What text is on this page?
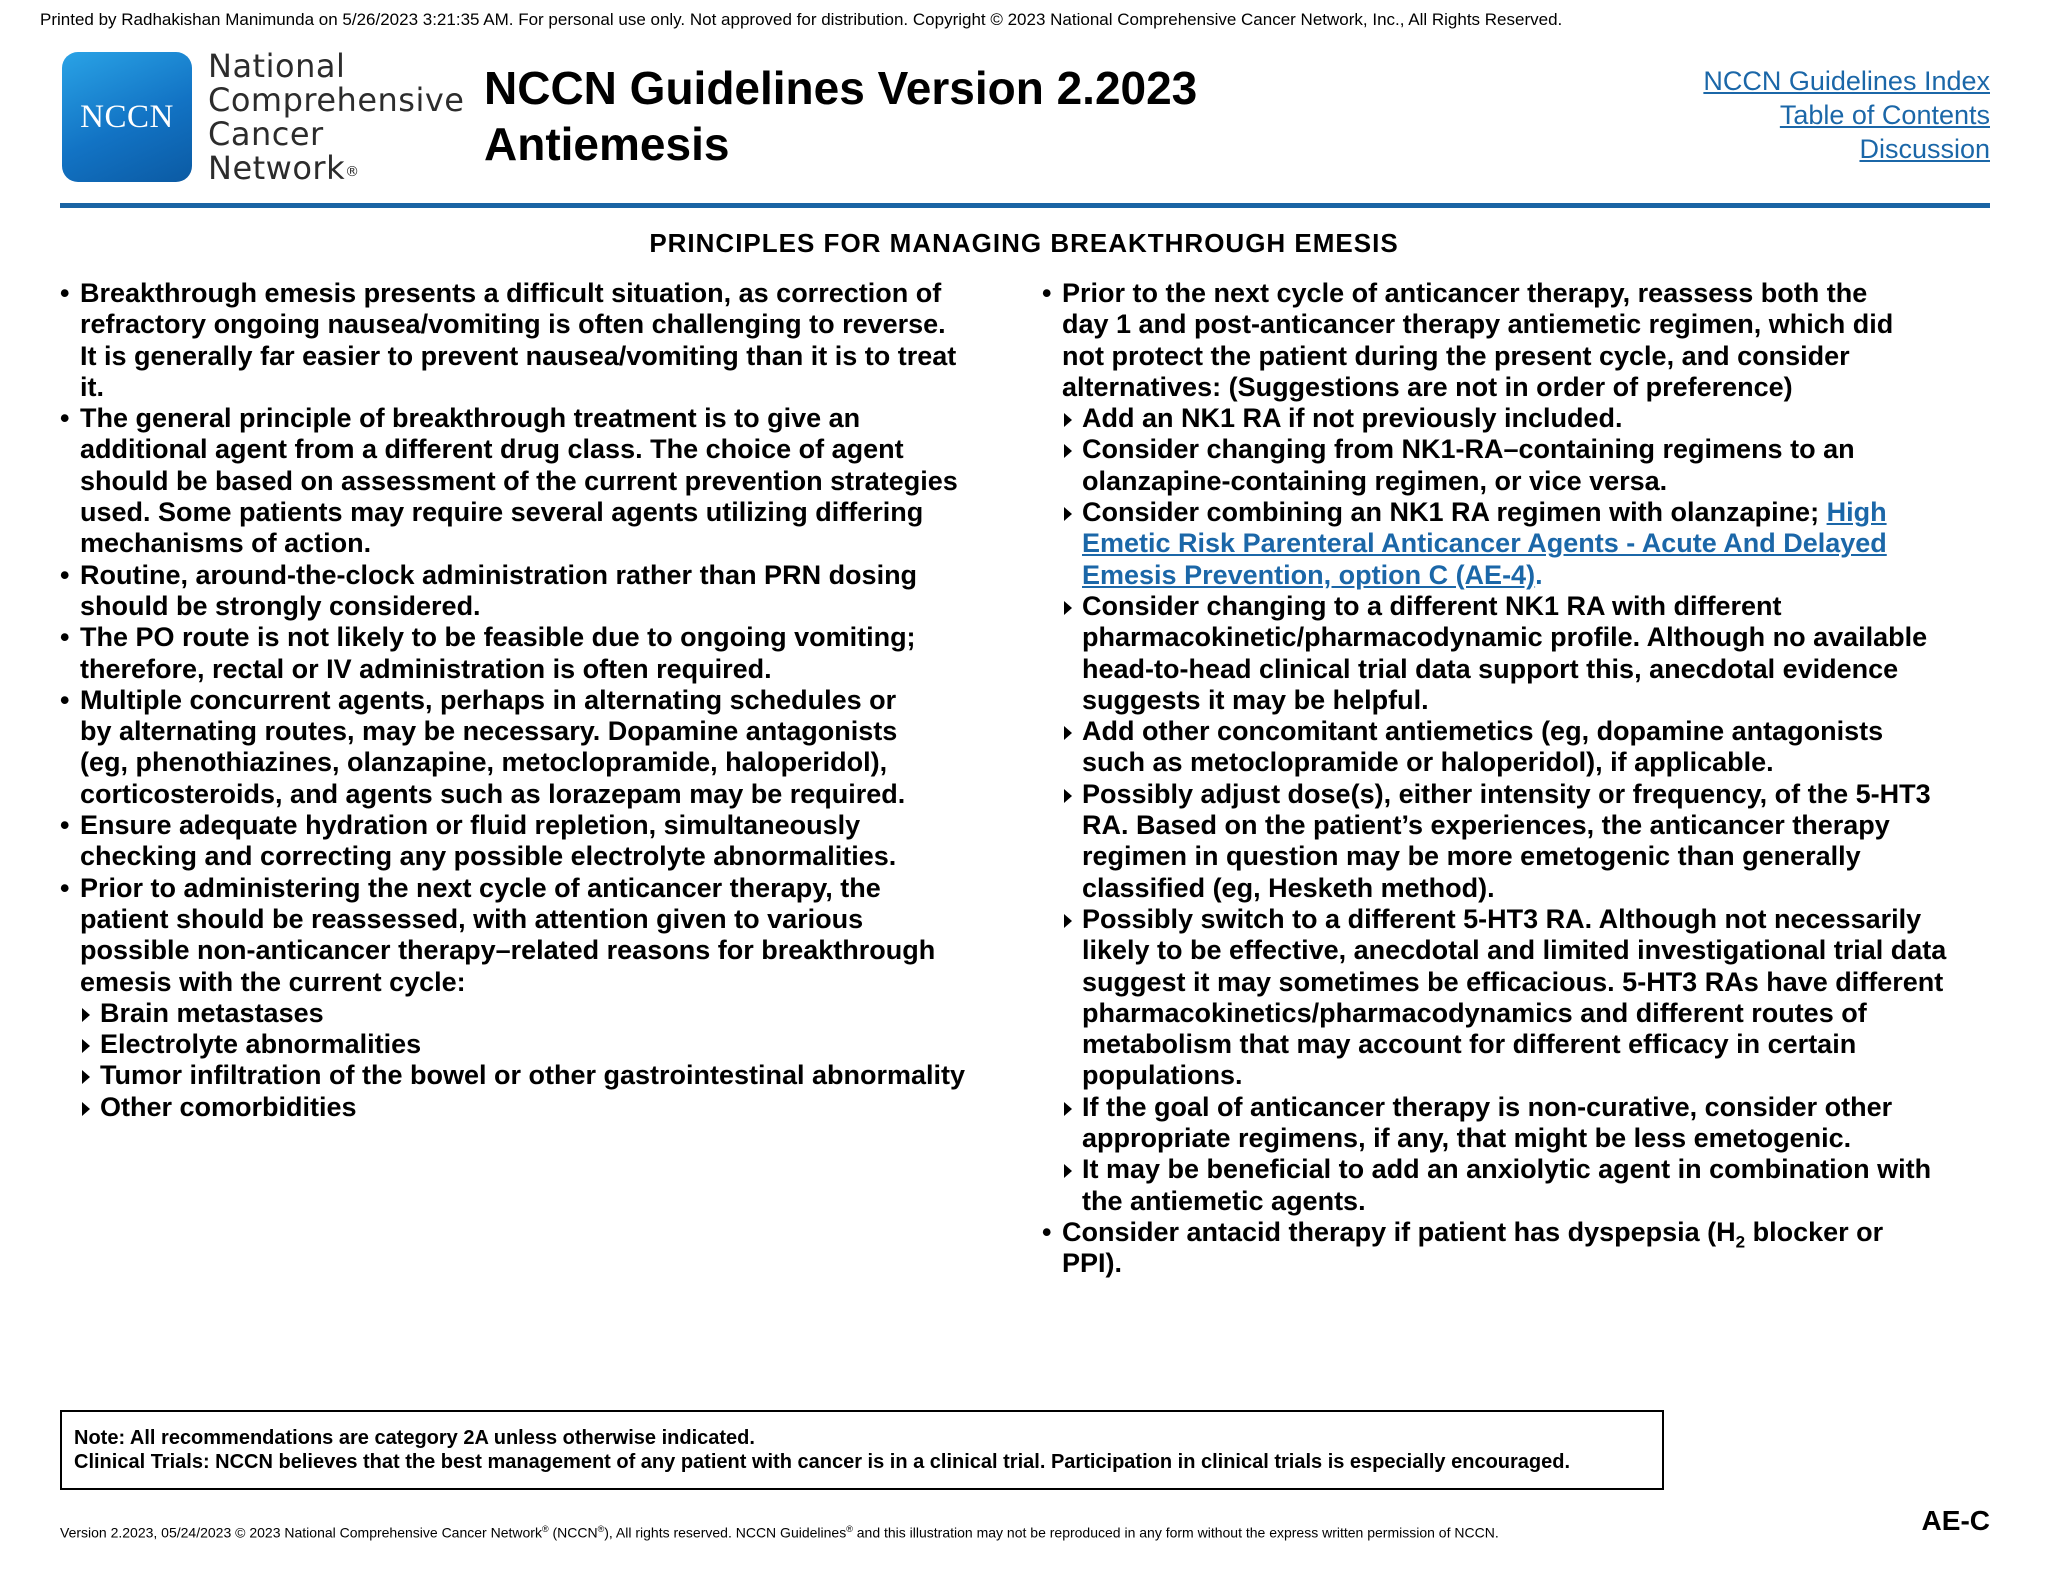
Printed by Radhakishan Manimunda on 5/26/2023 3:21:35 AM. For personal use only. Not approved for distribution. Copyright © 2023 National Comprehensive Cancer Network, Inc., All Rights Reserved.
NCCN
National
Comprehensive
Cancer
Network®
NCCN Guidelines Version 2.2023
Antiemesis
NCCN Guidelines Index
Table of Contents
Discussion
PRINCIPLES FOR MANAGING BREAKTHROUGH EMESIS
• Breakthrough emesis presents a difficult situation, as correction of
refractory ongoing nausea/vomiting is often challenging to reverse.
It is generally far easier to prevent nausea/vomiting than it is to treat
it.
• The general principle of breakthrough treatment is to give an
additional agent from a different drug class. The choice of agent
should be based on assessment of the current prevention strategies
used. Some patients may require several agents utilizing differing
mechanisms of action.
• Routine, around-the-clock administration rather than PRN dosing
should be strongly considered.
• The PO route is not likely to be feasible due to ongoing vomiting;
therefore, rectal or IV administration is often required.
• Multiple concurrent agents, perhaps in alternating schedules or
by alternating routes, may be necessary. Dopamine antagonists
(eg, phenothiazines, olanzapine, metoclopramide, haloperidol),
corticosteroids, and agents such as lorazepam may be required.
• Ensure adequate hydration or fluid repletion, simultaneously
checking and correcting any possible electrolyte abnormalities.
• Prior to administering the next cycle of anticancer therapy, the
patient should be reassessed, with attention given to various
possible non-anticancer therapy–related reasons for breakthrough
emesis with the current cycle:
Brain metastases
Electrolyte abnormalities
Tumor infiltration of the bowel or other gastrointestinal abnormality
Other comorbidities
• Prior to the next cycle of anticancer therapy, reassess both the
day 1 and post-anticancer therapy antiemetic regimen, which did
not protect the patient during the present cycle, and consider
alternatives: (Suggestions are not in order of preference)
Add an NK1 RA if not previously included.
Consider changing from NK1-RA–containing regimens to an
olanzapine-containing regimen, or vice versa.
Consider combining an NK1 RA regimen with olanzapine; High
Emetic Risk Parenteral Anticancer Agents - Acute And Delayed
Emesis Prevention, option C (AE-4).
Consider changing to a different NK1 RA with different
pharmacokinetic/pharmacodynamic profile. Although no available
head-to-head clinical trial data support this, anecdotal evidence
suggests it may be helpful.
Add other concomitant antiemetics (eg, dopamine antagonists
such as metoclopramide or haloperidol), if applicable.
Possibly adjust dose(s), either intensity or frequency, of the 5-HT3
RA. Based on the patient’s experiences, the anticancer therapy
regimen in question may be more emetogenic than generally
classified (eg, Hesketh method).
Possibly switch to a different 5-HT3 RA. Although not necessarily
likely to be effective, anecdotal and limited investigational trial data
suggest it may sometimes be efficacious. 5-HT3 RAs have different
pharmacokinetics/pharmacodynamics and different routes of
metabolism that may account for different efficacy in certain
populations.
If the goal of anticancer therapy is non-curative, consider other
appropriate regimens, if any, that might be less emetogenic.
It may be beneficial to add an anxiolytic agent in combination with
the antiemetic agents.
• Consider antacid therapy if patient has dyspepsia ($H_2$ blocker or
PPI).
Note: All recommendations are category 2A unless otherwise indicated.
Clinical Trials: NCCN believes that the best management of any patient with cancer is in a clinical trial. Participation in clinical trials is especially encouraged.
Version 2.2023, 05/24/2023 © 2023 National Comprehensive Cancer Network® (NCCN®), All rights reserved. NCCN Guidelines® and this illustration may not be reproduced in any form without the express written permission of NCCN.	AE-C
